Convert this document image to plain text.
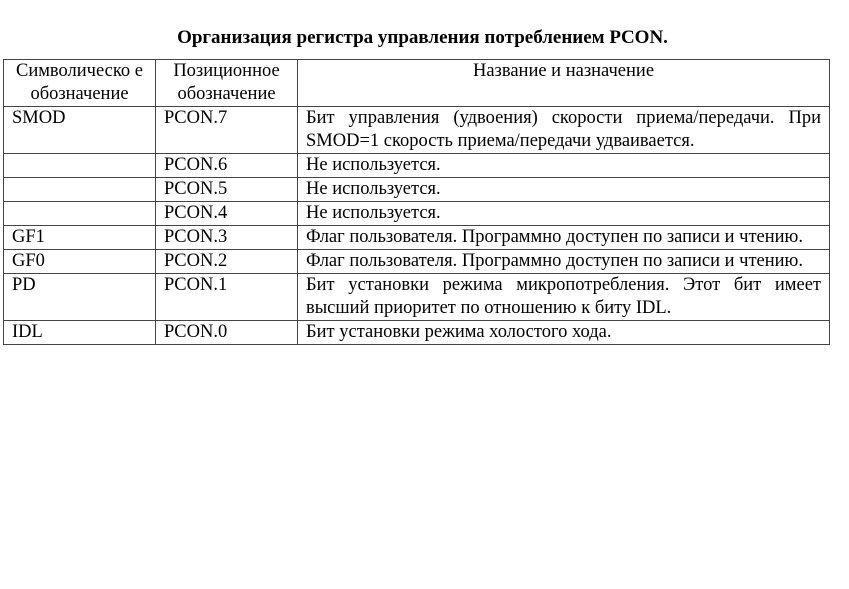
Организация регистра управления потреблением PCON.
Символическо е обозначение	Позиционное обозначение	Название и назначение
SMOD	PCON.7	Бит управления (удвоения) скорости приема/передачи. При SMOD=1 скорость приема/передачи удваивается.
	PCON.6	Не используется.
	PCON.5	Не используется.
	PCON.4	Не используется.
GF1	PCON.3	Флаг пользователя. Программно доступен по записи и чтению.
GF0	PCON.2	Флаг пользователя. Программно доступен по записи и чтению.
PD	PCON.1	Бит установки режима микропотребления. Этот бит имеет высший приоритет по отношению к биту IDL.
IDL	PCON.0	Бит установки режима холостого хода.
